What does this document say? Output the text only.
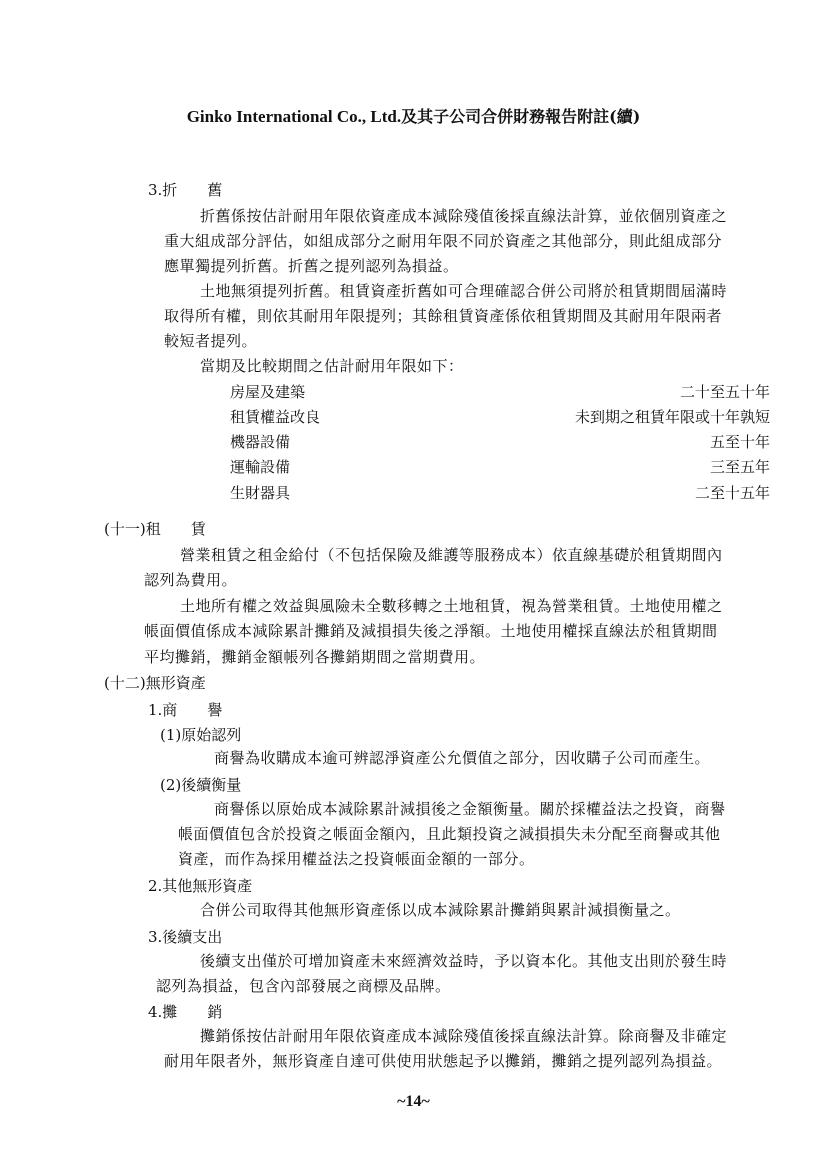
Ginko International Co., Ltd.及其子公司合併財務報告附註(續)
3.折　　舊
折舊係按估計耐用年限依資產成本減除殘值後採直線法計算，並依個別資產之
重大組成部分評估，如組成部分之耐用年限不同於資產之其他部分，則此組成部分
應單獨提列折舊。折舊之提列認列為損益。
土地無須提列折舊。租賃資產折舊如可合理確認合併公司將於租賃期間屆滿時
取得所有權，則依其耐用年限提列；其餘租賃資產係依租賃期間及其耐用年限兩者
較短者提列。
當期及比較期間之估計耐用年限如下：
房屋及建築	二十至五十年
租賃權益改良	未到期之租賃年限或十年孰短
機器設備	五至十年
運輸設備	三至五年
生財器具	二至十五年
(十一)租　　賃
營業租賃之租金給付（不包括保險及維護等服務成本）依直線基礎於租賃期間內
認列為費用。
土地所有權之效益與風險未全數移轉之土地租賃，視為營業租賃。土地使用權之
帳面價值係成本減除累計攤銷及減損損失後之淨額。土地使用權採直線法於租賃期間
平均攤銷，攤銷金額帳列各攤銷期間之當期費用。
(十二)無形資產
1.商　　譽
(1)原始認列
商譽為收購成本逾可辨認淨資產公允價值之部分，因收購子公司而產生。
(2)後續衡量
商譽係以原始成本減除累計減損後之金額衡量。關於採權益法之投資，商譽
帳面價值包含於投資之帳面金額內，且此類投資之減損損失未分配至商譽或其他
資產，而作為採用權益法之投資帳面金額的一部分。
2.其他無形資產
合併公司取得其他無形資產係以成本減除累計攤銷與累計減損衡量之。
3.後續支出
後續支出僅於可增加資產未來經濟效益時，予以資本化。其他支出則於發生時
認列為損益，包含內部發展之商標及品牌。
4.攤　　銷
攤銷係按估計耐用年限依資產成本減除殘值後採直線法計算。除商譽及非確定
耐用年限者外，無形資產自達可供使用狀態起予以攤銷，攤銷之提列認列為損益。
~14~
